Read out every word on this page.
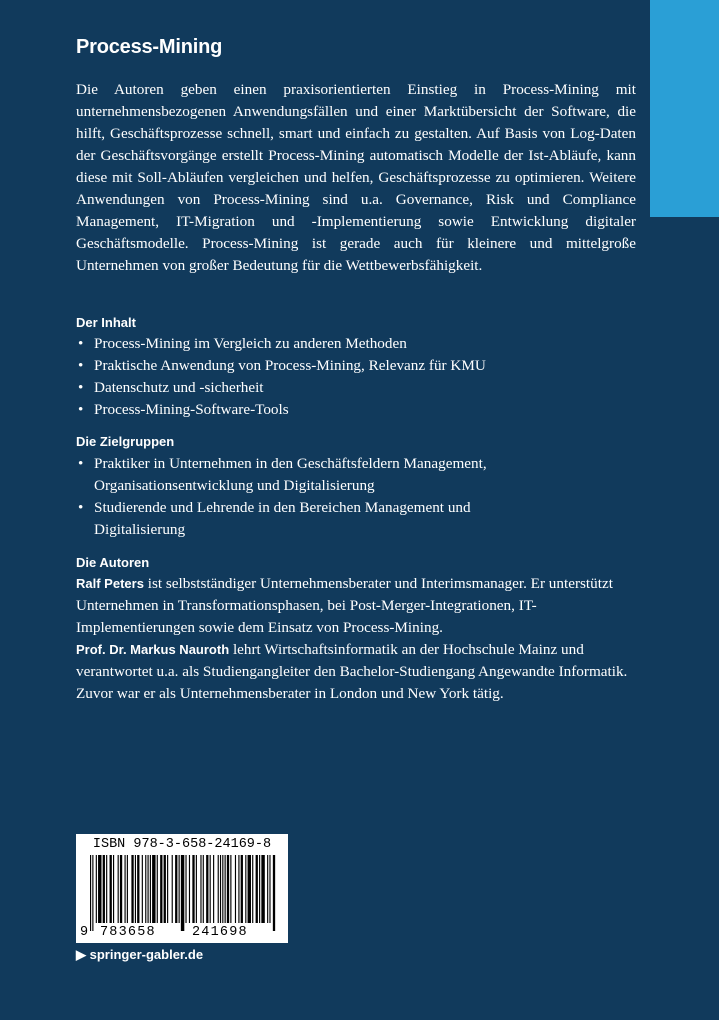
Process-Mining

Die Autoren geben einen praxisorientierten Einstieg in Process-Mining mit unternehmensbezogenen Anwendungsfällen und einer Marktübersicht der Software, die hilft, Geschäftsprozesse schnell, smart und einfach zu gestalten. Auf Basis von Log-Daten der Geschäftsvorgänge erstellt Process-Mining automatisch Modelle der Ist-Abläufe, kann diese mit Soll-Abläufen vergleichen und helfen, Geschäftsprozesse zu optimieren. Weitere Anwendungen von Process-Mining sind u.a. Governance, Risk und Compliance Management, IT-Migration und -Implementierung sowie Entwicklung digitaler Geschäftsmodelle. Process-Mining ist gerade auch für kleinere und mittelgroße Unternehmen von großer Bedeutung für die Wettbewerbsfähigkeit.

Der Inhalt
• Process-Mining im Vergleich zu anderen Methoden
• Praktische Anwendung von Process-Mining, Relevanz für KMU
• Datenschutz und -sicherheit
• Process-Mining-Software-Tools
Die Zielgruppen
• Praktiker in Unternehmen in den Geschäftsfeldern Management, Organisationsentwicklung und Digitalisierung
• Studierende und Lehrende in den Bereichen Management und Digitalisierung
Die Autoren
Ralf Peters ist selbstständiger Unternehmensberater und Interimsmanager. Er unterstützt Unternehmen in Transformationsphasen, bei Post-Merger-Integrationen, IT-Implementierungen sowie dem Einsatz von Process-Mining.
Prof. Dr. Markus Nauroth lehrt Wirtschaftsinformatik an der Hochschule Mainz und verantwortet u.a. als Studiengangleiter den Bachelor-Studiengang Angewandte Informatik. Zuvor war er als Unternehmensberater in London und New York tätig.
ISBN 978-3-658-24169-8
9 783658	241698
▶ springer-gabler.de
